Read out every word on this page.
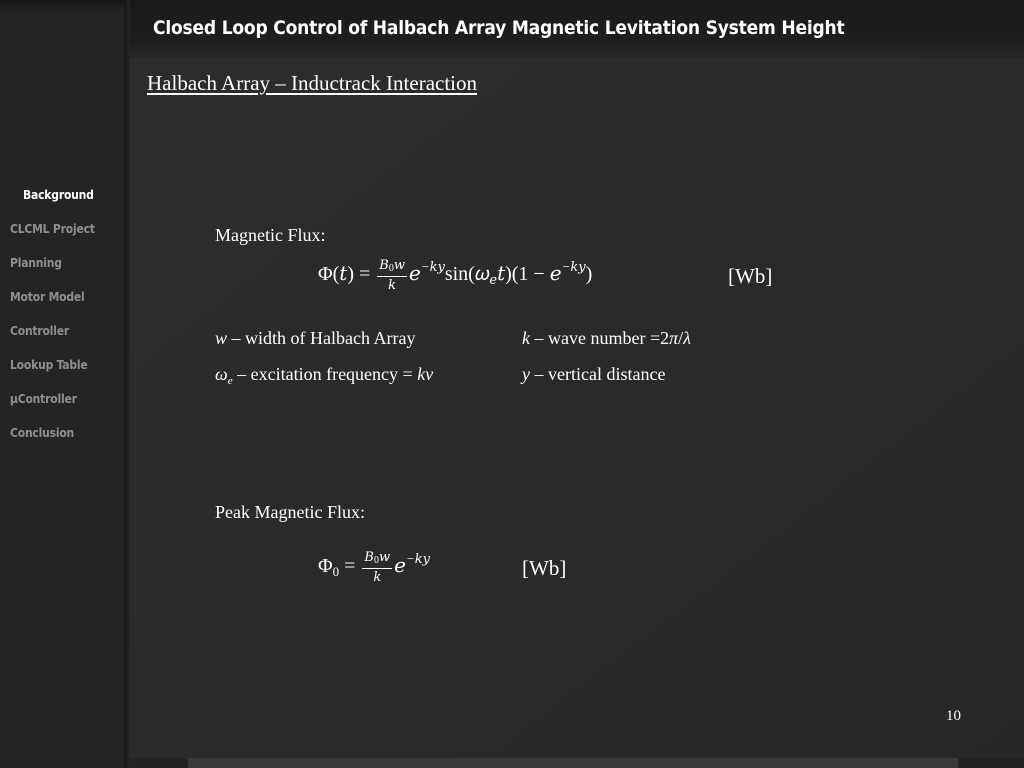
Closed Loop Control of Halbach Array Magnetic Levitation System Height
Background
CLCML Project
Planning
Motor Model
Controller
Lookup Table
µController
Conclusion
Halbach Array – Inductrack Interaction
Magnetic Flux:
Φ(𝑡) = $\frac{\text{𝐵0𝑤}}{\text{𝑘}}$ 𝑒$^{-𝑘𝑦}$sin(𝜔$_𝑒$𝑡)(1 − 𝑒$^{-𝑘𝑦}$)	[Wb]
w – width of Halbach Array	k – wave number =2π/λ
$\omega_e$ – excitation frequency = kv	y – vertical distance
Peak Magnetic Flux:
$\Phi_0 = \frac{\text{𝐵0𝑤}}{\text{𝑘}}$ 𝑒$^{-𝑘𝑦}$	[Wb]
10
